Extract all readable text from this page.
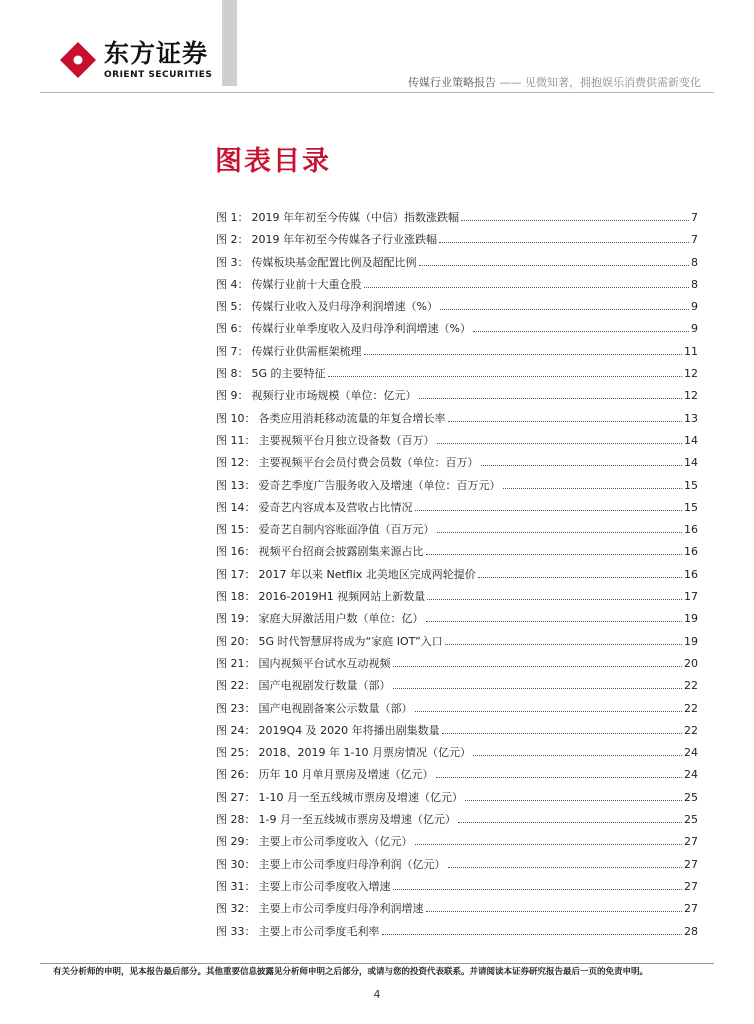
东方证券
ORIENT SECURITIES
传媒行业策略报告 —— 见微知著，拥抱娱乐消费供需新变化
图表目录
图 1： 2019 年年初至今传媒（中信）指数涨跌幅	7
图 2： 2019 年年初至今传媒各子行业涨跌幅	7
图 3： 传媒板块基金配置比例及超配比例	8
图 4： 传媒行业前十大重仓股	8
图 5： 传媒行业收入及归母净利润增速（%）	9
图 6： 传媒行业单季度收入及归母净利润增速（%）	9
图 7： 传媒行业供需框架梳理	11
图 8： 5G 的主要特征	12
图 9： 视频行业市场规模（单位：亿元）	12
图 10： 各类应用消耗移动流量的年复合增长率	13
图 11： 主要视频平台月独立设备数（百万）	14
图 12： 主要视频平台会员付费会员数（单位：百万）	14
图 13： 爱奇艺季度广告服务收入及增速（单位：百万元）	15
图 14： 爱奇艺内容成本及营收占比情况	15
图 15： 爱奇艺自制内容账面净值（百万元）	16
图 16： 视频平台招商会披露剧集来源占比	16
图 17： 2017 年以来 Netflix 北美地区完成两轮提价	16
图 18： 2016-2019H1 视频网站上新数量	17
图 19： 家庭大屏激活用户数（单位：亿）	19
图 20： 5G 时代智慧屏将成为“家庭 IOT”入口	19
图 21： 国内视频平台试水互动视频	20
图 22： 国产电视剧发行数量（部）	22
图 23： 国产电视剧备案公示数量（部）	22
图 24： 2019Q4 及 2020 年将播出剧集数量	22
图 25： 2018、2019 年 1-10 月票房情况（亿元）	24
图 26： 历年 10 月单月票房及增速（亿元）	24
图 27： 1-10 月一至五线城市票房及增速（亿元）	25
图 28： 1-9 月一至五线城市票房及增速（亿元）	25
图 29： 主要上市公司季度收入（亿元）	27
图 30： 主要上市公司季度归母净利润（亿元）	27
图 31： 主要上市公司季度收入增速	27
图 32： 主要上市公司季度归母净利润增速	27
图 33： 主要上市公司季度毛利率	28
有关分析师的申明，见本报告最后部分。其他重要信息披露见分析师申明之后部分，或请与您的投资代表联系。并请阅读本证券研究报告最后一页的免责申明。
4
